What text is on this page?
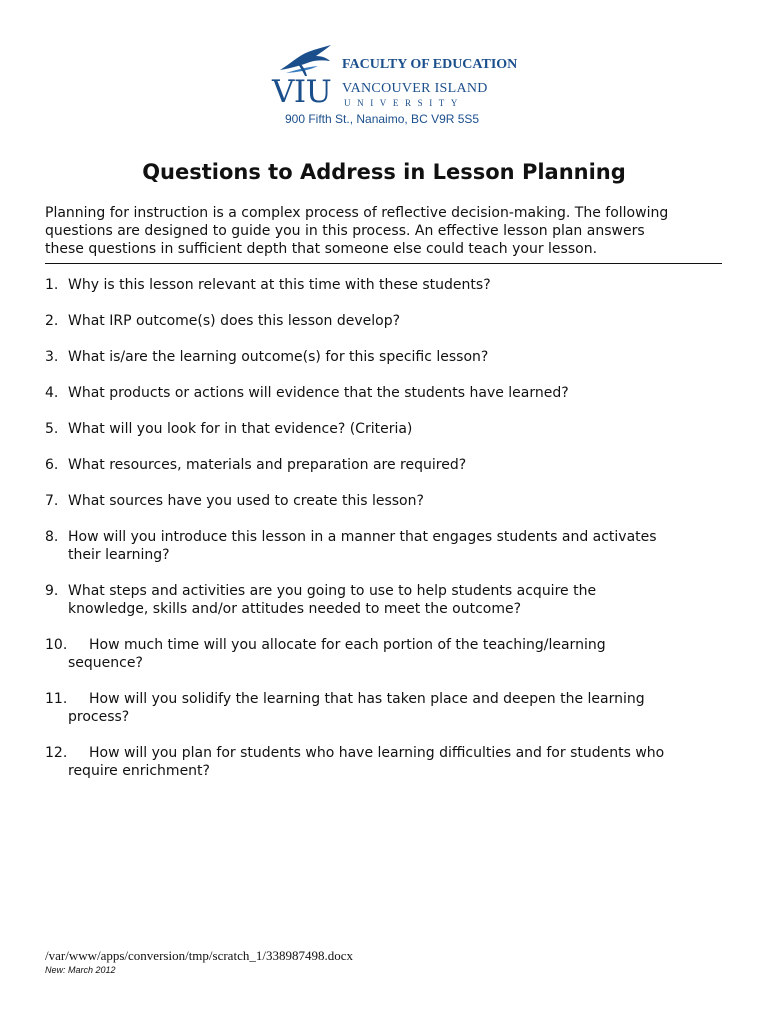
VIU
FACULTY OF EDUCATION
VANCOUVER ISLAND
UNIVERSITY
900 Fifth St., Nanaimo, BC V9R 5S5
Questions to Address in Lesson Planning
Planning for instruction is a complex process of reflective decision-making. The following
questions are designed to guide you in this process. An effective lesson plan answers
these questions in sufficient depth that someone else could teach your lesson.
1. Why is this lesson relevant at this time with these students?
2. What IRP outcome(s) does this lesson develop?
3. What is/are the learning outcome(s) for this specific lesson?
4. What products or actions will evidence that the students have learned?
5. What will you look for in that evidence? (Criteria)
6. What resources, materials and preparation are required?
7. What sources have you used to create this lesson?
8. How will you introduce this lesson in a manner that engages students and activates
their learning?
9. What steps and activities are you going to use to help students acquire the
knowledge, skills and/or attitudes needed to meet the outcome?
10.	How much time will you allocate for each portion of the teaching/learning
sequence?
11.	How will you solidify the learning that has taken place and deepen the learning
process?
12.	How will you plan for students who have learning difficulties and for students who
require enrichment?
/var/www/apps/conversion/tmp/scratch_1/338987498.docx
New: March 2012
